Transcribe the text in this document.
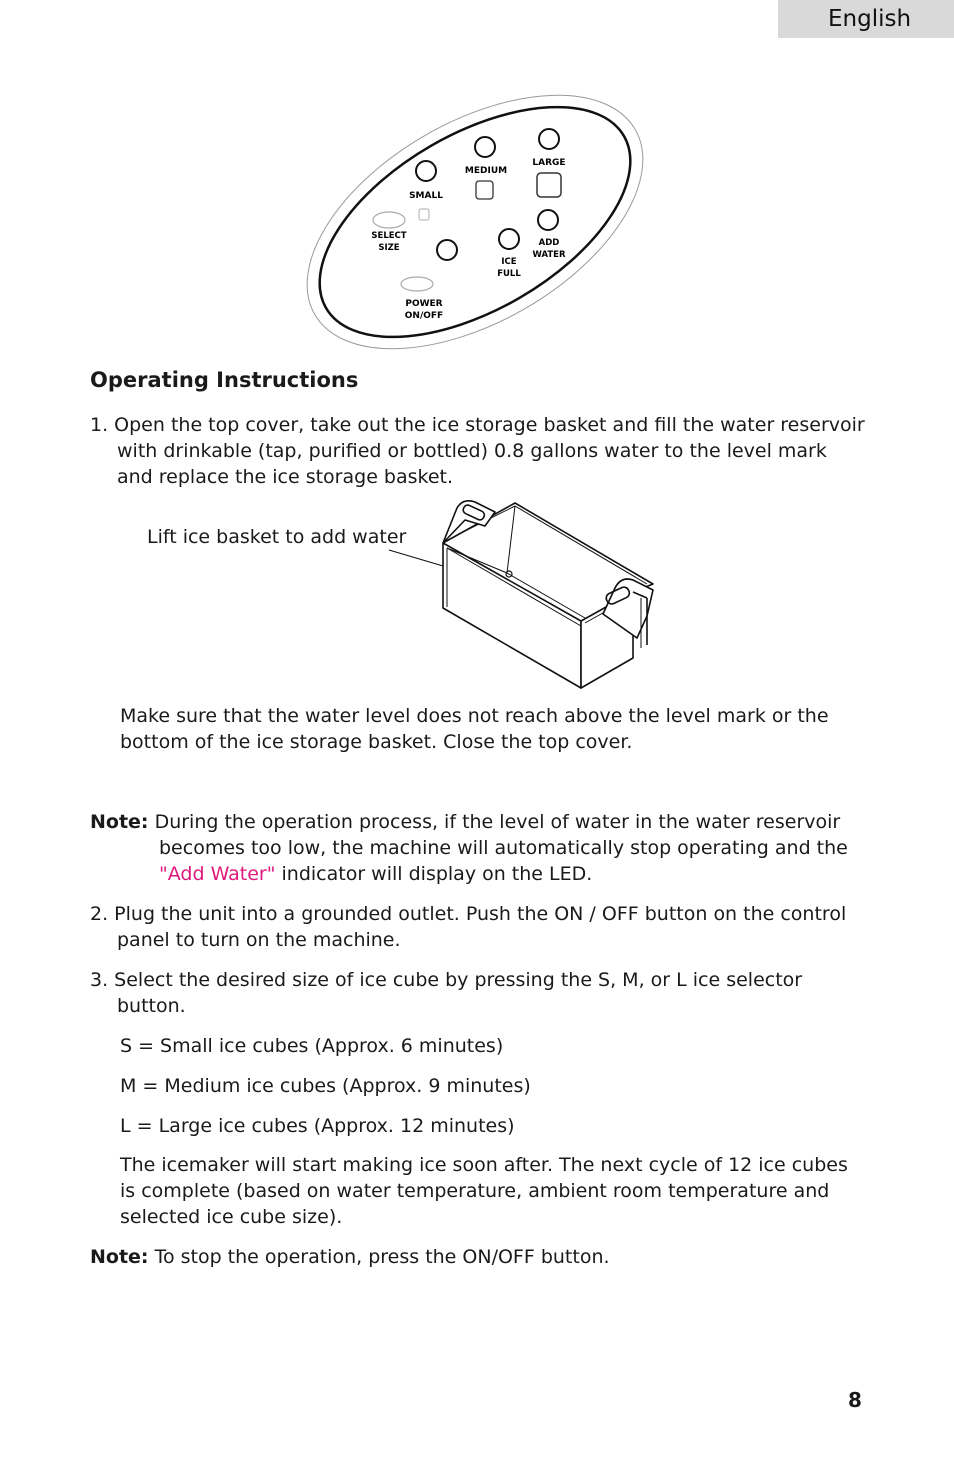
English
SMALL
MEDIUM
LARGE
SELECT
SIZE
ICE
FULL
ADD
WATER
POWER
ON/OFF
Operating Instructions
1. Open the top cover, take out the ice storage basket and fill the water reservoir
with drinkable (tap, purified or bottled) 0.8 gallons water to the level mark
and replace the ice storage basket.
Lift ice basket to add water
Make sure that the water level does not reach above the level mark or the
bottom of the ice storage basket. Close the top cover.
Note: During the operation process, if the level of water in the water reservoir
becomes too low, the machine will automatically stop operating and the
"Add Water" indicator will display on the LED.
2. Plug the unit into a grounded outlet. Push the ON / OFF button on the control
panel to turn on the machine.
3. Select the desired size of ice cube by pressing the S, M, or L ice selector
button.
S = Small ice cubes (Approx. 6 minutes)
M = Medium ice cubes (Approx. 9 minutes)
L = Large ice cubes (Approx. 12 minutes)
The icemaker will start making ice soon after. The next cycle of 12 ice cubes
is complete (based on water temperature, ambient room temperature and
selected ice cube size).
Note: To stop the operation, press the ON/OFF button.
8
